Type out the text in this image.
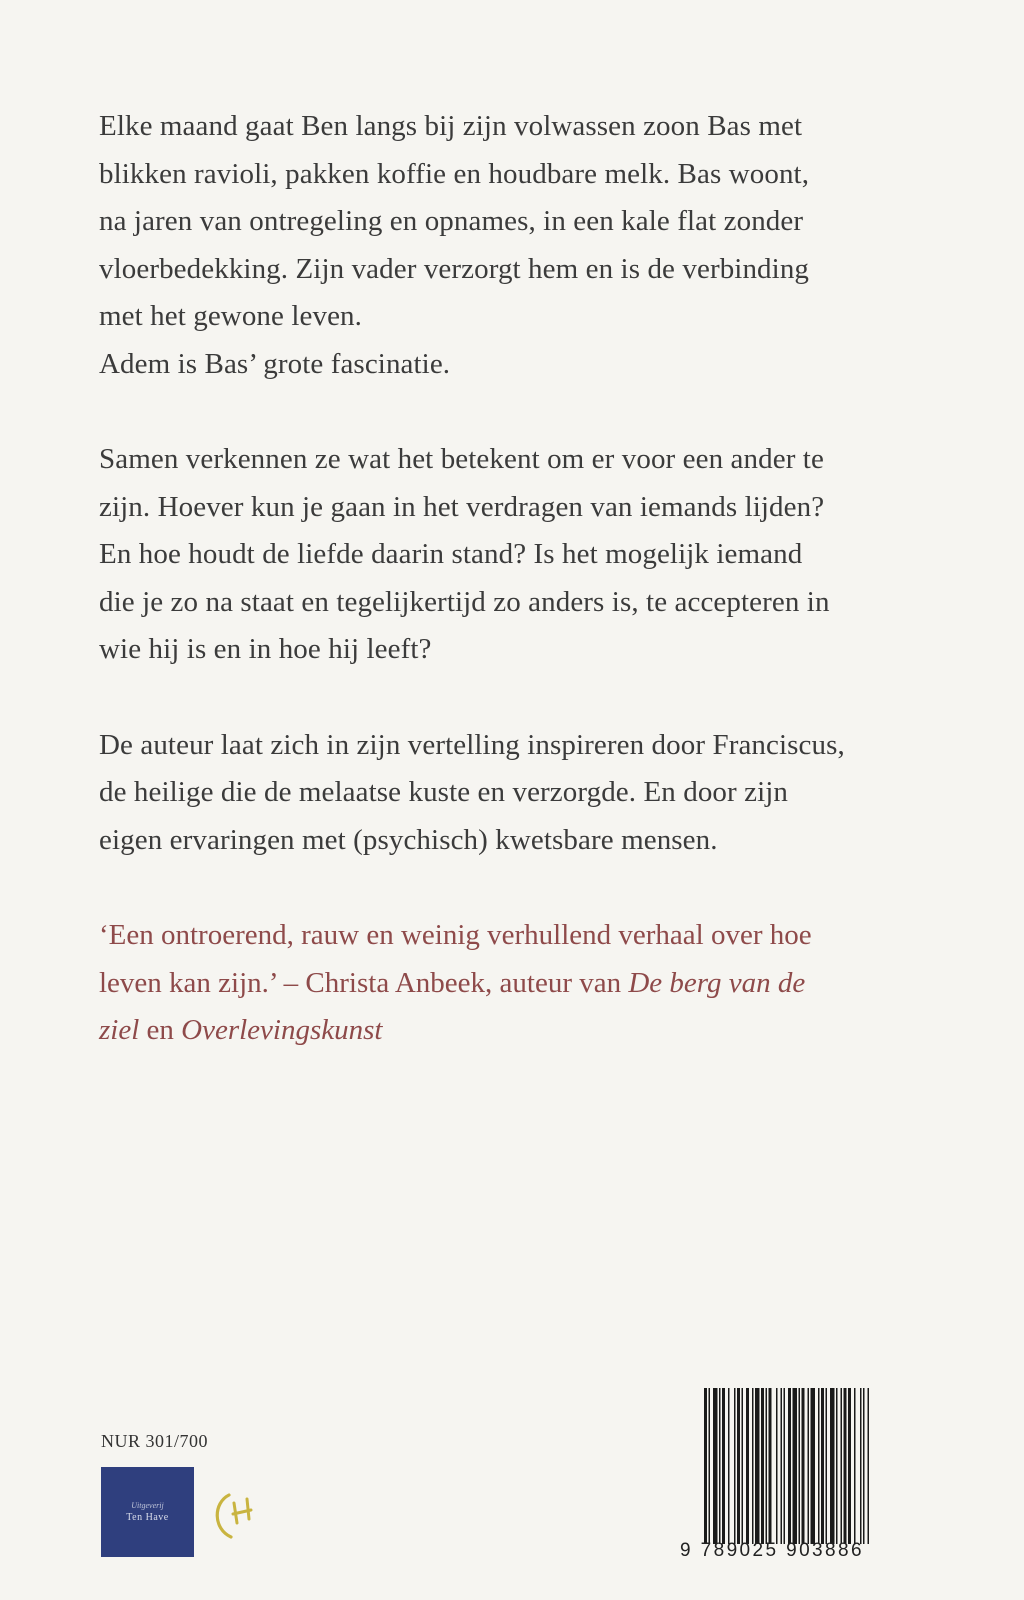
Elke maand gaat Ben langs bij zijn volwassen zoon Bas met

blikken ravioli, pakken koffie en houdbare melk. Bas woont,

na jaren van ontregeling en opnames, in een kale flat zonder

vloerbedekking. Zijn vader verzorgt hem en is de verbinding

met het gewone leven.

Adem is Bas’ grote fascinatie.

Samen verkennen ze wat het betekent om er voor een ander te

zijn. Hoever kun je gaan in het verdragen van iemands lijden?

En hoe houdt de liefde daarin stand? Is het mogelijk iemand

die je zo na staat en tegelijkertijd zo anders is, te accepteren in

wie hij is en in hoe hij leeft?

De auteur laat zich in zijn vertelling inspireren door Franciscus,

de heilige die de melaatse kuste en verzorgde. En door zijn

eigen ervaringen met (psychisch) kwetsbare mensen.

‘Een ontroerend, rauw en weinig verhullend verhaal over hoe

leven kan zijn.’ – Christa Anbeek, auteur van De berg van de

ziel en Overlevingskunst

NUR 301/700
Uitgeverij
Ten Have
9 789025 903886
